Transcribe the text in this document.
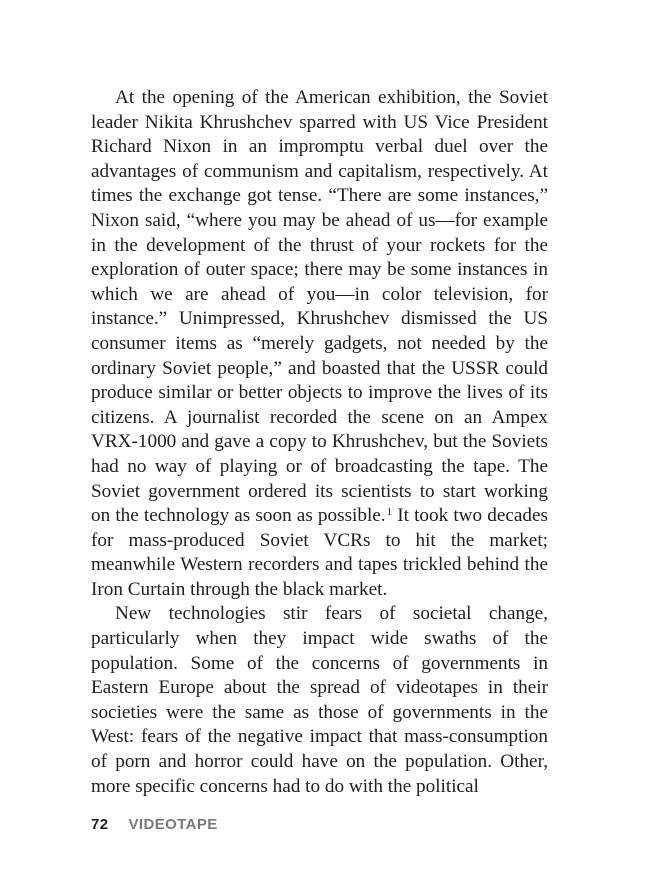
At the opening of the American exhibition, the Soviet leader Nikita Khrushchev sparred with US Vice President Richard Nixon in an impromptu verbal duel over the advantages of communism and capitalism, respectively. At times the exchange got tense. “There are some instances,” Nixon said, “where you may be ahead of us—for example in the development of the thrust of your rockets for the exploration of outer space; there may be some instances in which we are ahead of you—in color television, for instance.” Unimpressed, Khrushchev dismissed the US consumer items as “merely gadgets, not needed by the ordinary Soviet people,” and boasted that the USSR could produce similar or better objects to improve the lives of its citizens. A journalist recorded the scene on an Ampex VRX-1000 and gave a copy to Khrushchev, but the Soviets had no way of playing or of broadcasting the tape. The Soviet government ordered its scientists to start working on the technology as soon as possible.$^1$ It took two decades for mass-produced Soviet VCRs to hit the market; meanwhile Western recorders and tapes trickled behind the Iron Curtain through the black market.

New technologies stir fears of societal change, particularly when they impact wide swaths of the population. Some of the concerns of governments in Eastern Europe about the spread of videotapes in their societies were the same as those of governments in the West: fears of the negative impact that mass-consumption of porn and horror could have on the population. Other, more specific concerns had to do with the political

72 VIDEOTAPE
